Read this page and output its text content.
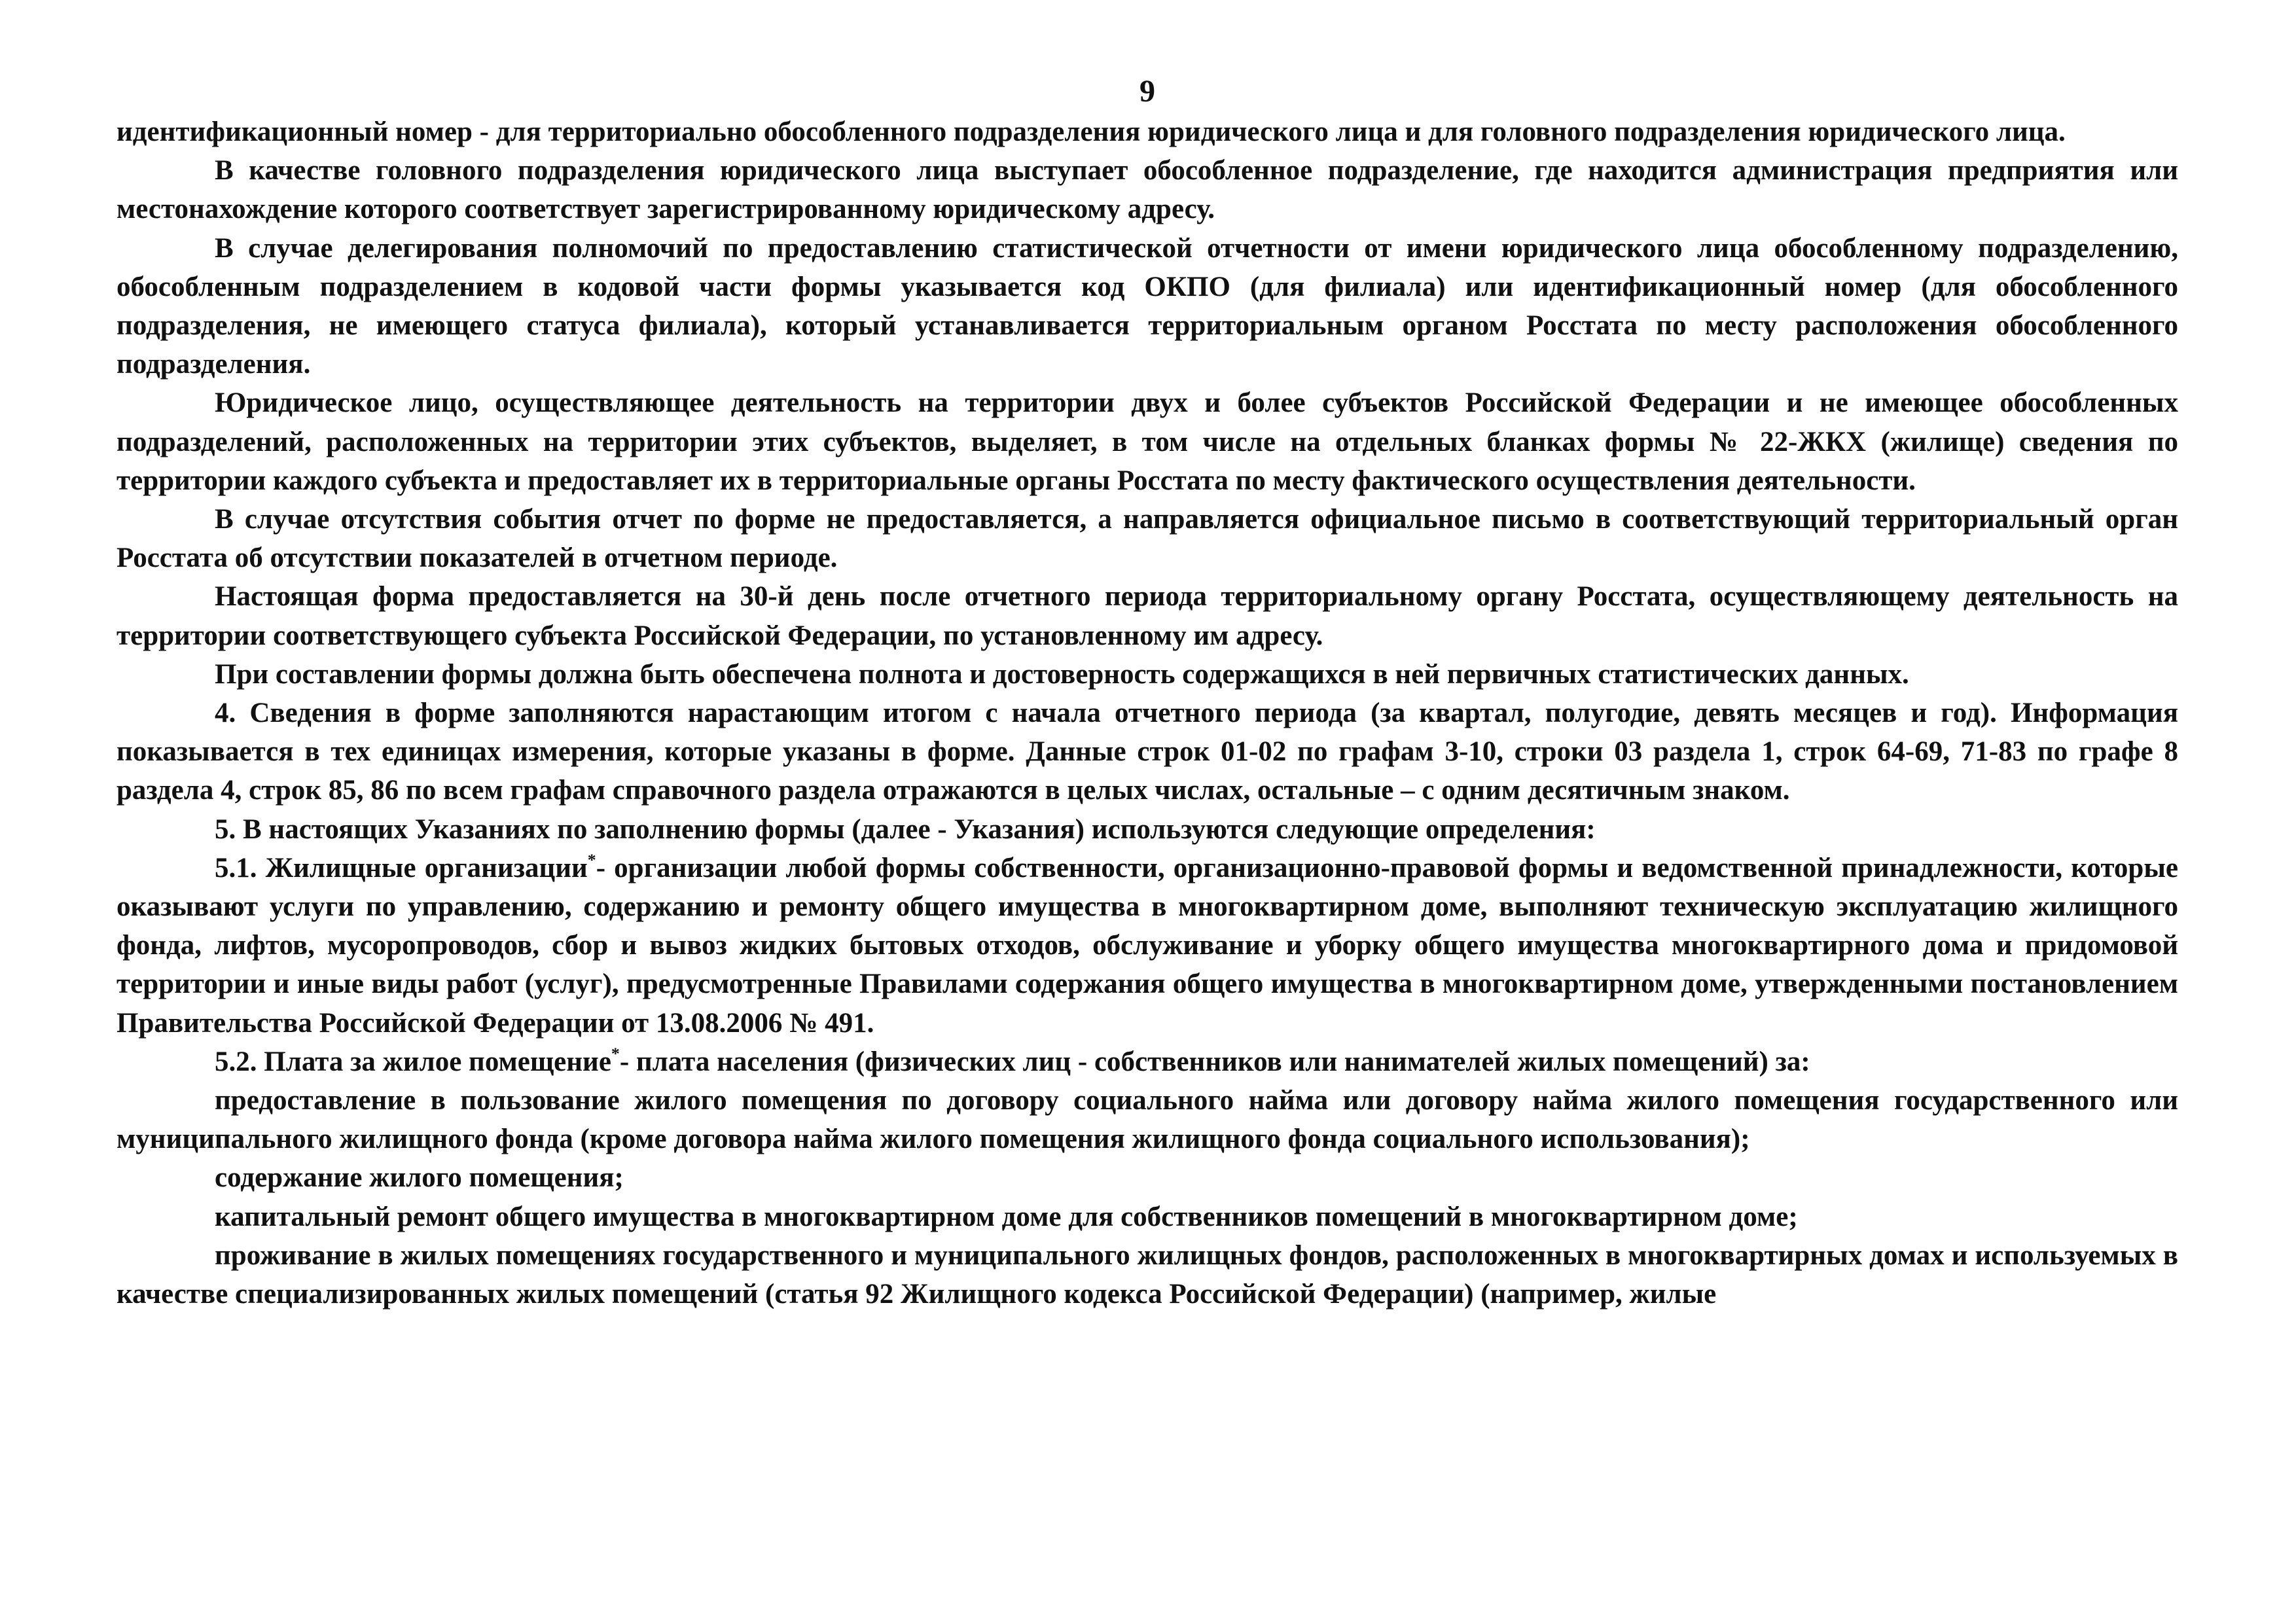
9

идентификационный номер - для территориально обособленного подразделения юридического лица и для головного подразделения юридического лица.

В качестве головного подразделения юридического лица выступает обособленное подразделение, где находится администрация предприятия или местонахождение которого соответствует зарегистрированному юридическому адресу.

В случае делегирования полномочий по предоставлению статистической отчетности от имени юридического лица обособленному подразделению, обособленным подразделением в кодовой части формы указывается код ОКПО (для филиала) или идентификационный номер (для обособленного подразделения, не имеющего статуса филиала), который устанавливается территориальным органом Росстата по месту расположения обособленного подразделения.

Юридическое лицо, осуществляющее деятельность на территории двух и более субъектов Российской Федерации и не имеющее обособленных подразделений, расположенных на территории этих субъектов, выделяет, в том числе на отдельных бланках формы № 22-ЖКХ (жилище) сведения по территории каждого субъекта и предоставляет их в территориальные органы Росстата по месту фактического осуществления деятельности.

В случае отсутствия события отчет по форме не предоставляется, а направляется официальное письмо в соответствующий территориальный орган Росстата об отсутствии показателей в отчетном периоде.

Настоящая форма предоставляется на 30-й день после отчетного периода территориальному органу Росстата, осуществляющему деятельность на территории соответствующего субъекта Российской Федерации, по установленному им адресу.

При составлении формы должна быть обеспечена полнота и достоверность содержащихся в ней первичных статистических данных.

4. Сведения в форме заполняются нарастающим итогом с начала отчетного периода (за квартал, полугодие, девять месяцев и год). Информация показывается в тех единицах измерения, которые указаны в форме. Данные строк 01-02 по графам 3-10, строки 03 раздела 1, строк 64-69, 71-83 по графе 8 раздела 4, строк 85, 86 по всем графам справочного раздела отражаются в целых числах, остальные – с одним десятичным знаком.

5. В настоящих Указаниях по заполнению формы (далее - Указания) используются следующие определения:

5.1. Жилищные организации*- организации любой формы собственности, организационно-правовой формы и ведомственной принадлежности, которые оказывают услуги по управлению, содержанию и ремонту общего имущества в многоквартирном доме, выполняют техническую эксплуатацию жилищного фонда, лифтов, мусоропроводов, сбор и вывоз жидких бытовых отходов, обслуживание и уборку общего имущества многоквартирного дома и придомовой территории и иные виды работ (услуг), предусмотренные Правилами содержания общего имущества в многоквартирном доме, утвержденными постановлением Правительства Российской Федерации от 13.08.2006 № 491.

5.2. Плата за жилое помещение*- плата населения (физических лиц - собственников или нанимателей жилых помещений) за:

предоставление в пользование жилого помещения по договору социального найма или договору найма жилого помещения государственного или муниципального жилищного фонда (кроме договора найма жилого помещения жилищного фонда социального использования);

содержание жилого помещения;

капитальный ремонт общего имущества в многоквартирном доме для собственников помещений в многоквартирном доме;

проживание в жилых помещениях государственного и муниципального жилищных фондов, расположенных в многоквартирных домах и используемых в качестве специализированных жилых помещений (статья 92 Жилищного кодекса Российской Федерации) (например, жилые
